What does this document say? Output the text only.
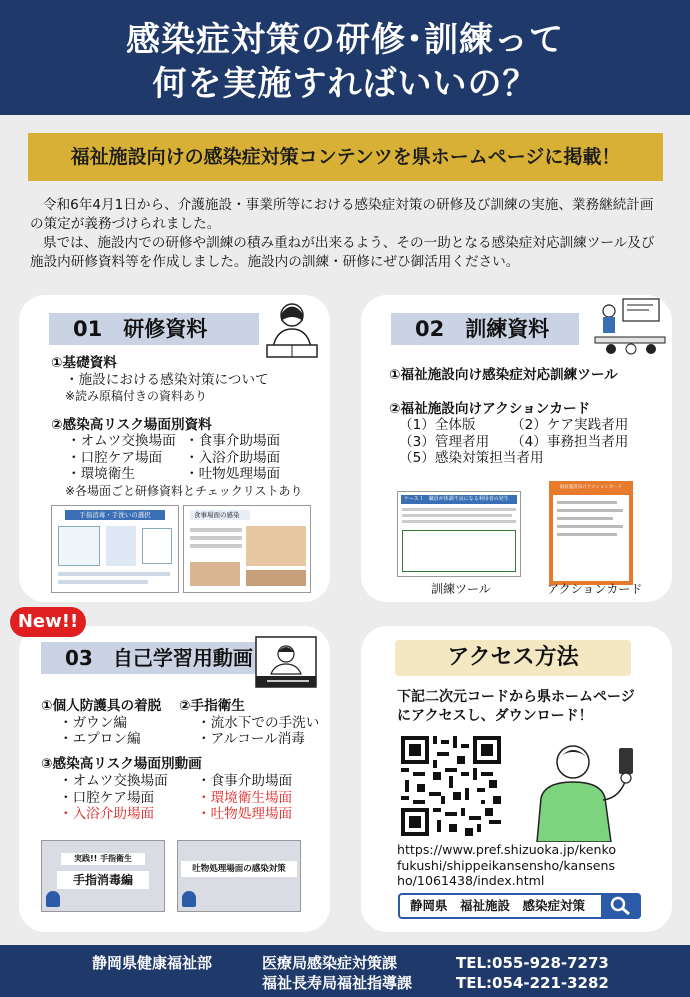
感染症対策の研修･訓練って
何を実施すればいいの？
福祉施設向けの感染症対策コンテンツを県ホームページに掲載！

令和6年4月1日から、介護施設・事業所等における感染症対策の研修及び訓練の実施、業務継続計画の策定が義務づけられました。

県では、施設内での研修や訓練の積み重ねが出来るよう、その一助となる感染症対応訓練ツール及び施設内研修資料等を作成しました。施設内の訓練・研修にぜひ御活用ください。

01　研修資料
①基礎資料
・施設における感染対策について
※読み原稿付きの資料あり
②感染高リスク場面別資料
・オムツ交換場面
・口腔ケア場面
・環境衛生
・食事介助場面
・入浴介助場面
・吐物処理場面
※各場面ごと研修資料とチェックリストあり
手指消毒・手洗いの選択	食事場面の感染
02　訓練資料
①福祉施設向け感染症対応訓練ツール
②福祉施設向けアクションカード
（1）全体版
（3）管理者用
（5）感染対策担当者用
（2）ケア実践者用
（4）事務担当者用
ケース１　職員が体調不良になる利用者の発生
福祉施設向けアクションカード
訓練ツール	アクションカード
03　自己学習用動画
①個人防護具の着脱
・ガウン編
・エプロン編
②手指衛生
・流水下での手洗い
・アルコール消毒
③感染高リスク場面別動画
・オムツ交換場面
・口腔ケア場面
・入浴介助場面
・食事介助場面
・環境衛生場面
・吐物処理場面
実践!! 手指衛生
手指消毒編
吐物処理場面の感染対策
New!!
アクセス方法
下記二次元コードから県ホームページ
にアクセスし、ダウンロード！
https://www.pref.shizuoka.jp/kenko
fukushi/shippeikansensho/kansens
ho/1061438/index.html
静岡県　福祉施設　感染症対策
静岡県健康福祉部	医療局感染症対策課	TEL:055-928-7273
福祉長寿局福祉指導課	TEL:054-221-3282
